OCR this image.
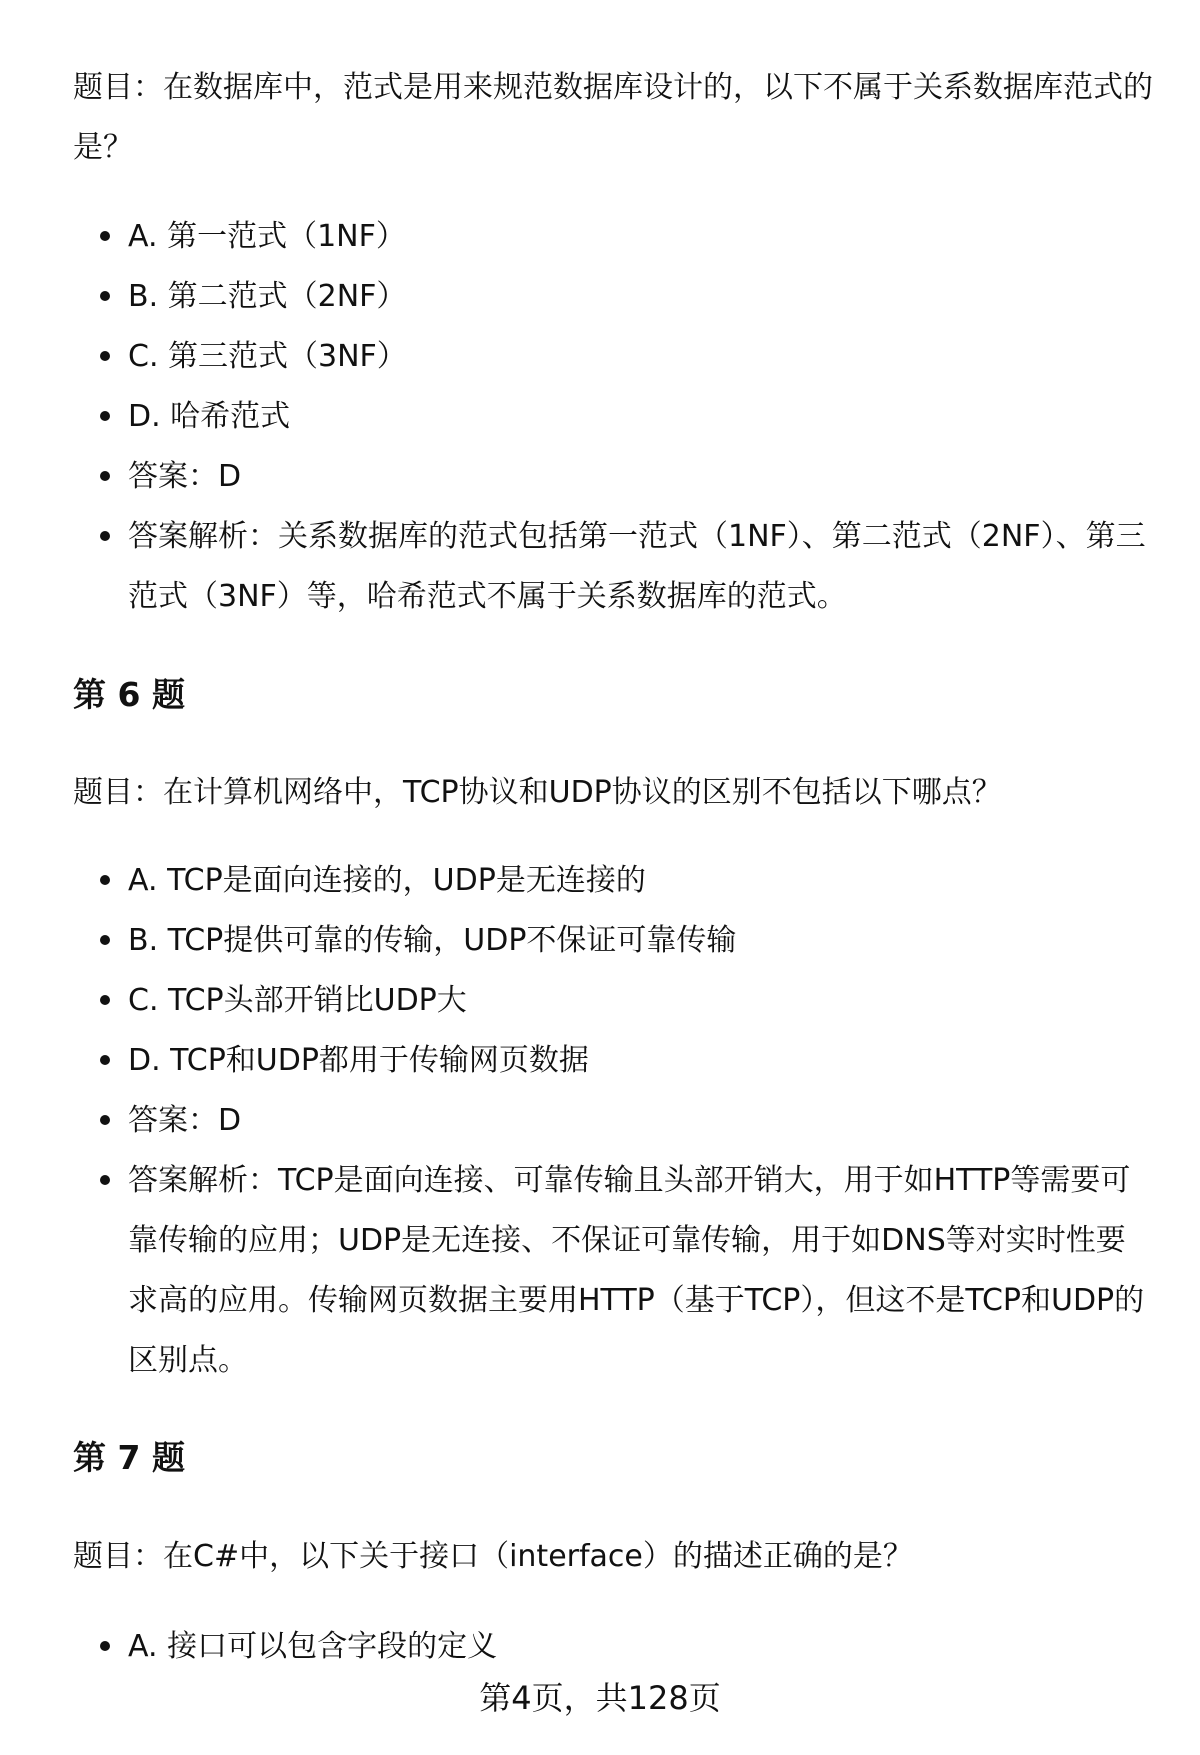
题目：在数据库中，范式是用来规范数据库设计的，以下不属于关系数据库范式的是？

A. 第一范式（1NF）
B. 第二范式（2NF）
C. 第三范式（3NF）
D. 哈希范式
答案：D
答案解析：关系数据库的范式包括第一范式（1NF）、第二范式（2NF）、第三范式（3NF）等，哈希范式不属于关系数据库的范式。
第 6 题

题目：在计算机网络中，TCP协议和UDP协议的区别不包括以下哪点？

A. TCP是面向连接的，UDP是无连接的
B. TCP提供可靠的传输，UDP不保证可靠传输
C. TCP头部开销比UDP大
D. TCP和UDP都用于传输网页数据
答案：D
答案解析：TCP是面向连接、可靠传输且头部开销大，用于如HTTP等需要可靠传输的应用；UDP是无连接、不保证可靠传输，用于如DNS等对实时性要求高的应用。传输网页数据主要用HTTP（基于TCP），但这不是TCP和UDP的区别点。
第 7 题

题目：在C#中，以下关于接口（interface）的描述正确的是？

A. 接口可以包含字段的定义
第4页，共128页
